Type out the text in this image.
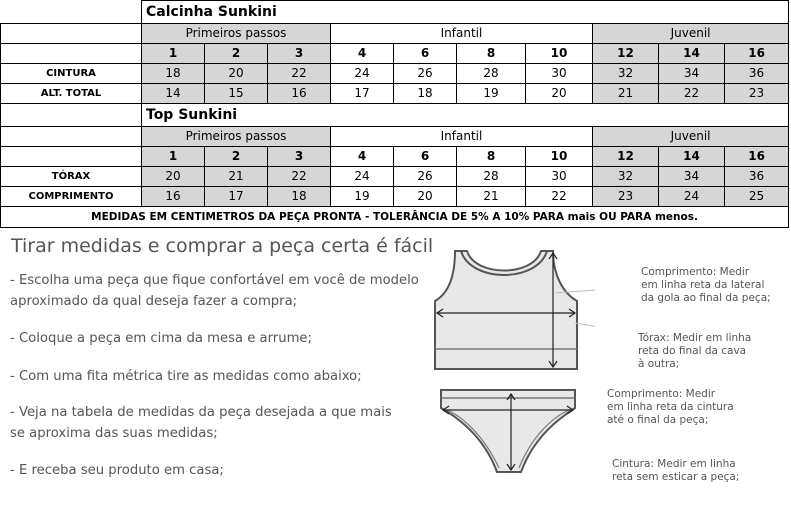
	Calcinha Sunkini									
	Primeiros passos			Infantil				Juvenil		
	1	2	3	4	6	8	10	12	14	16
CINTURA	18	20	22	24	26	28	30	32	34	36
ALT. TOTAL	14	15	16	17	18	19	20	21	22	23
	Top Sunkini									
	Primeiros passos			Infantil				Juvenil		
	1	2	3	4	6	8	10	12	14	16
TÓRAX	20	21	22	24	26	28	30	32	34	36
COMPRIMENTO	16	17	18	19	20	21	22	23	24	25
MEDIDAS EM CENTIMETROS DA PEÇA PRONTA - TOLERÂNCIA DE 5% A 10% PARA mais OU PARA menos.										
Tirar medidas e comprar a peça certa é fácil
- Escolha uma peça que fique confortável em você de modelo
aproximado da qual deseja fazer a compra;
- Coloque a peça em cima da mesa e arrume;
- Com uma fita métrica tire as medidas como abaixo;
- Veja na tabela de medidas da peça desejada a que mais
se aproxima das suas medidas;
- E receba seu produto em casa;
Comprimento: Medir
em linha reta da lateral
da gola ao final da peça;
Tórax: Medir em linha
reta do final da cava
à outra;
Comprimento: Medir
em linha reta da cintura
até o final da peça;
Cintura: Medir em linha
reta sem esticar a peça;
